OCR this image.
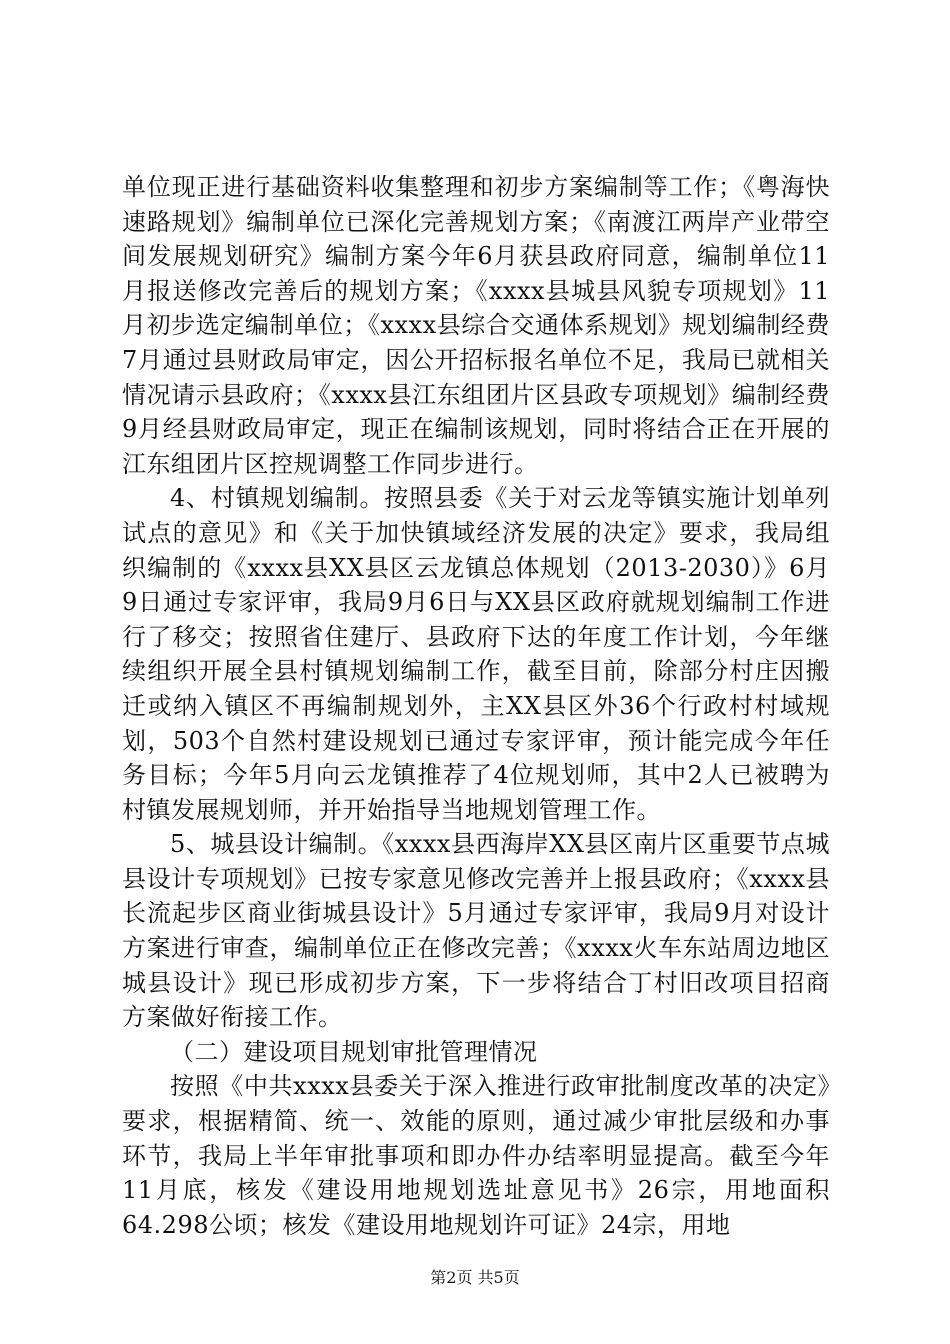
单位现正进行基础资料收集整理和初步方案编制等工作；《粤海快速路规划》编制单位已深化完善规划方案；《南渡江两岸产业带空间发展规划研究》编制方案今年6月获县政府同意，编制单位11月报送修改完善后的规划方案；《xxxx县城县风貌专项规划》11月初步选定编制单位；《xxxx县综合交通体系规划》规划编制经费7月通过县财政局审定，因公开招标报名单位不足，我局已就相关情况请示县政府；《xxxx县江东组团片区县政专项规划》编制经费9月经县财政局审定，现正在编制该规划，同时将结合正在开展的江东组团片区控规调整工作同步进行。

4、村镇规划编制。按照县委《关于对云龙等镇实施计划单列试点的意见》和《关于加快镇域经济发展的决定》要求，我局组织编制的《xxxx县XX县区云龙镇总体规划（2013-2030）》6月9日通过专家评审，我局9月6日与XX县区政府就规划编制工作进行了移交；按照省住建厅、县政府下达的年度工作计划，今年继续组织开展全县村镇规划编制工作，截至目前，除部分村庄因搬迁或纳入镇区不再编制规划外，主XX县区外36个行政村村域规划，503个自然村建设规划已通过专家评审，预计能完成今年任务目标；今年5月向云龙镇推荐了4位规划师，其中2人已被聘为村镇发展规划师，并开始指导当地规划管理工作。

5、城县设计编制。《xxxx县西海岸XX县区南片区重要节点城县设计专项规划》已按专家意见修改完善并上报县政府；《xxxx县长流起步区商业街城县设计》5月通过专家评审，我局9月对设计方案进行审查，编制单位正在修改完善；《xxxx火车东站周边地区城县设计》现已形成初步方案，下一步将结合丁村旧改项目招商方案做好衔接工作。

（二）建设项目规划审批管理情况

按照《中共xxxx县委关于深入推进行政审批制度改革的决定》要求，根据精简、统一、效能的原则，通过减少审批层级和办事环节，我局上半年审批事项和即办件办结率明显提高。截至今年11月底，核发《建设用地规划选址意见书》26宗，用地面积64.298公顷；核发《建设用地规划许可证》24宗，用地

第2页 共5页
